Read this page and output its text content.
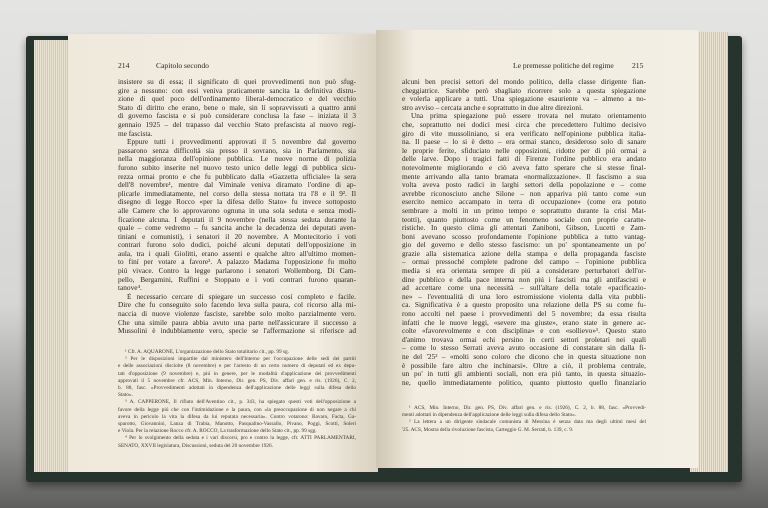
214	Capitolo secondo
insistere su di essa; il significato di quei provvedimenti non può sfug-
gire a nessuno: con essi veniva praticamente sancita la definitiva distru-
zione di quel poco dell'ordinamento liberal-democratico e del vecchio
Stato di diritto che erano, bene o male, sin lí sopravvissuti a quattro anni
di governo fascista e si può considerare conclusa la fase – iniziata il 3
gennaio 1925 – del trapasso dal vecchio Stato prefascista al nuovo regi-
me fascista.
Eppure tutti i provvedimenti approvati il 5 novembre dal governo
passarono senza difficoltà sia presso il sovrano, sia in Parlamento, sia
nella maggioranza dell'opinione pubblica. Le nuove norme di polizia
furono subito inserite nel nuovo testo unico delle leggi di pubblica sicu-
rezza ormai pronto e che fu pubblicato dalla «Gazzetta ufficiale» la sera
dell'8 novembre¹, mentre dal Viminale veniva diramato l'ordine di ap-
plicarle immediatamente, nel corso della stessa nottata tra l'8 e il 9². Il
disegno di legge Rocco «per la difesa dello Stato» fu invece sottoposto
alle Camere che lo approvarono ognuna in una sola seduta e senza modi-
ficazione alcuna. I deputati il 9 novembre (nella stessa seduta durante la
quale – come vedremo – fu sancita anche la decadenza dei deputati aven-
tiniani e comunisti), i senatori il 20 novembre. A Montecitorio i voti
contrari furono solo dodici, poiché alcuni deputati dell'opposizione in
aula, tra i quali Giolitti, erano assenti e qualche altro all'ultimo momen-
to finí per votare a favore³. A palazzo Madama l'opposizione fu molto
piú vivace. Contro la legge parlarono i senatori Wollemborg, Di Cam-
pello, Bergamini, Ruffini e Stoppato e i voti contrari furono quaran-
tanove⁴.
È necessario cercare di spiegare un successo cosí completo e facile.
Dire che fu conseguito solo facendo leva sulla paura, col ricorso alla mi-
naccia di nuove violenze fasciste, sarebbe solo molto parzialmente vero.
Che una simile paura abbia avuto una parte nell'assicurare il successo a
Mussolini è indubbiamente vero, specie se l'affermazione si riferisce ad
¹ Cfr. A. AQUARONE, L'organizzazione dello Stato totalitario cit., pp. 99 sg.
² Per le disposizioni impartite dal ministero dell'Interno per l'occupazione delle sedi dei partiti
e delle associazioni disciolte (8 novembre) e per l'arresto di un certo numero di deputati ed ex depu-
tati d'opposizione (9 novembre) e, piú in genere, per le modalità d'applicazione dei provvedimenti
approvati il 5 novembre cfr. ACS, Min. Interno, Dir. gen. PS, Div. affari gen. e ris. (1926), C. 2,
b. 88, fasc. «Provvedimenti adottati in dipendenza dell'applicazione delle leggi sulla difesa dello
Stato».
³ A. CAPPERONE, Il rifiuto dell'Aventino cit., p. 343, ha spiegato questi voti dell'opposizione a
favore della legge piú che con l'intimidazione e la paura, con «la preoccupazione di non negare a chi
aveva in pericolo la vita la difesa da lui reputata necessaria». Contro votarono: Bavaro, Facta, Ga-
sparotto, Giovannini, Lanza di Trabia, Manotto, Pasqualino-Vassallo, Pivano, Poggi, Scotti, Soleri
e Viola. Per la relazione Rocco cfr. A. ROCCO, La trasformazione dello Stato cit., pp. 99 sgg.
⁴ Per lo svolgimento della seduta e i vari discorsi, pro e contro la legge, cfr. ATTI PARLAMENTARI,
SENATO, XXVII legislatura, Discussioni, seduta del 20 novembre 1926.
Le premesse politiche del regime 215
alcuni ben precisi settori del mondo politico, della classe dirigente fian-
cheggiatrice. Sarebbe però sbagliato ricorrere solo a questa spiegazione
e volerla applicare a tutti. Una spiegazione esauriente va – almeno a no-
stro avviso – cercata anche e soprattutto in due altre direzioni.
Una prima spiegazione può essere trovata nel mutato orientamento
che, soprattutto nei dodici mesi circa che precedettero l'ultimo decisivo
giro di vite mussoliniano, si era verificato nell'opinione pubblica italia-
na. Il paese – lo si è detto – era ormai stanco, desideroso solo di sanare
le proprie ferite, sfiduciato nelle opposizioni, ridotte per di piú ormai a
delle larve. Dopo i tragici fatti di Firenze l'ordine pubblico era andato
notevolmente migliorando e ciò aveva fatto sperare che si stesse final-
mente arrivando alla tanto bramata «normalizzazione». Il fascismo a sua
volta aveva posto radici in larghi settori della popolazione e – come
avrebbe riconosciuto anche Silone – non appariva piú tanto come «un
esercito nemico accampato in terra di occupazione» (come era potuto
sembrare a molti in un primo tempo e soprattutto durante la crisi Mat-
teotti), quanto piuttosto come un fenomeno sociale con proprie caratte-
ristiche. In questo clima gli attentati Zaniboni, Gibson, Lucetti e Zam-
boni avevano scosso profondamente l'opinione pubblica a tutto vantag-
gio del governo e dello stesso fascismo: un po' spontaneamente un po'
grazie alla sistematica azione della stampa e della propaganda fasciste
– ormai pressoché complete padrone del campo – l'opinione pubblica
media si era orientata sempre di piú a considerare perturbatori dell'or-
dine pubblico e della pace interna non piú i fascisti ma gli antifascisti e
ad accettare come una necessità – sull'altare della totale «pacificazio-
ne» – l'eventualità di una loro estromissione violenta dalla vita pubbli-
ca. Significativa è a questo proposito una relazione della PS su come fu-
rono accolti nel paese i provvedimenti del 5 novembre; da essa risulta
infatti che le nuove leggi, «severe ma giuste», erano state in genere ac-
colte «favorevolmente e con disciplina» e con «sollievo»¹. Questo stato
d'animo trovava ormai echi persino in certi settori proletari nei quali
– come lo stesso Serrati aveva avuto occasione di constatare sin dalla fi-
ne del '25² – «molti sono coloro che dicono che in questa situazione non
è possibile fare altro che inchinarsi». Oltre a ciò, il problema centrale,
un po' in tutti gli ambienti sociali, non era piú tanto, in questa situazio-
ne, quello immediatamente politico, quanto piuttosto quello finanziario
¹ ACS, Min. Interno, Dir. gen. PS, Div. affari gen. e ris. (1926), C. 2, b. 88, fasc. «Provvedi-
menti adottati in dipendenza dell'applicazione delle leggi sulla difesa dello Stato».
² La lettera a un dirigente sindacale comunista di Messina è senza data ma degli ultimi mesi del
'25. ACS, Mostra della rivoluzione fascista, Carteggio G. M. Serrati, b. 139, c. 9.
